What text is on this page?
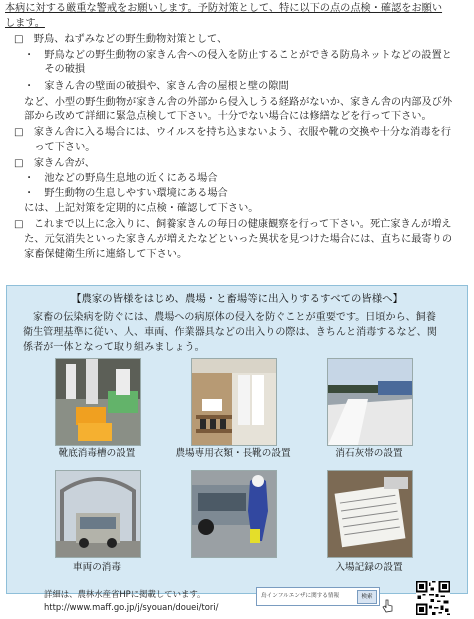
本病に対する厳重な警戒をお願いします。予防対策として、特に以下の点の点検・確認をお願い

します。

□　野鳥、ねずみなどの野生動物対策として、

・　野鳥などの野生動物の家きん舎への侵入を防止することができる防鳥ネットなどの設置と

　　その破損

・　家きん舎の壁面の破損や、家きん舎の屋根と壁の隙間

　など、小型の野生動物が家きん舎の外部から侵入しうる経路がないか、家きん舎の内部及び外

　部から改めて詳細に緊急点検して下さい。十分でない場合には修繕などを行って下さい。

□　家きん舎に入る場合には、ウイルスを持ち込まないよう、衣服や靴の交換や十分な消毒を行

　　って下さい。

□　家きん舎が、

・　池などの野鳥生息地の近くにある場合

・　野生動物の生息しやすい環境にある場合

　には、上記対策を定期的に点検・確認して下さい。

□　これまで以上に念入りに、飼養家きんの毎日の健康観察を行って下さい。死亡家きんが増え

　た、元気消失といった家きんが増えたなどといった異状を見つけた場合には、直ちに最寄りの

　家畜保健衛生所に連絡して下さい。

【農家の皆様をはじめ、農場・と畜場等に出入りするすべての皆様へ】
家畜の伝染病を防ぐには、農場への病原体の侵入を防ぐことが重要です。日頃から、飼養
衛生管理基準に従い、人、車両、作業器具などの出入りの際は、きちんと消毒するなど、関
係者が一体となって取り組みましょう。
靴底消毒槽の設置	農場専用衣類・長靴の設置	消石灰帯の設置
車両の消毒	入場記録の設置
詳細は、農林水産省HPに掲載しています。
http://www.maff.go.jp/j/syouan/douei/tori/
鳥インフルエンザに関する情報	検索
